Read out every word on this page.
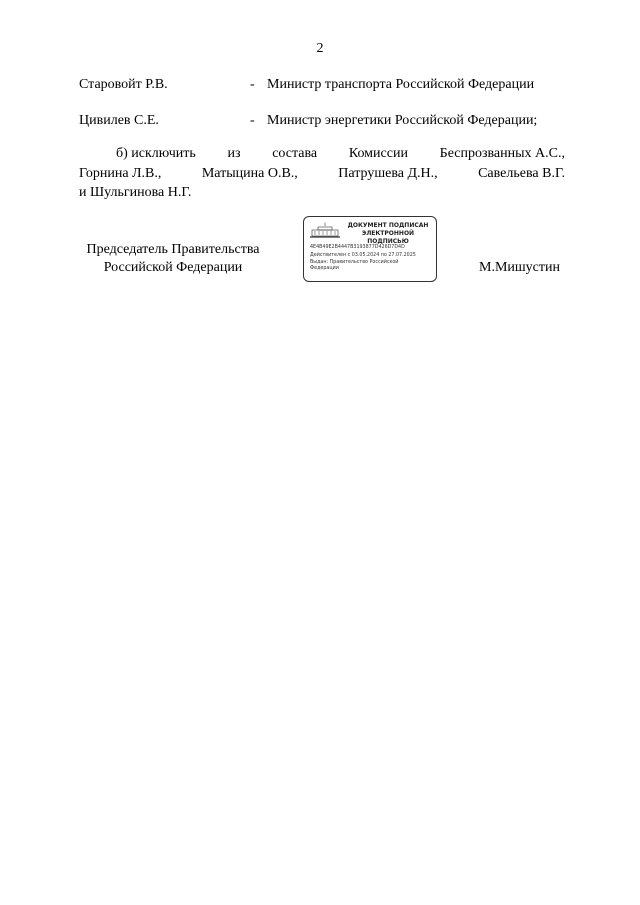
2
Старовойт Р.В.	- Министр транспорта Российской Федерации
Цивилев С.Е.	- Министр энергетики Российской Федерации;
б) исключить из состава Комиссии Беспрозванных А.С.,
Горнина Л.В.,	Матыцина О.В.,	Патрушева Д.Н.,	Савельева В.Г.
и Шульгинова Н.Г.
Председатель Правительства
Российской Федерации
ДОКУМЕНТ ПОДПИСАН
ЭЛЕКТРОННОЙ ПОДПИСЬЮ
4E4B49E2B4447B3193877D426D7D4D
Действителен с 03.05.2024 по 27.07.2025
Выдан: Правительство Российской
Федерации	М.Мишустин
